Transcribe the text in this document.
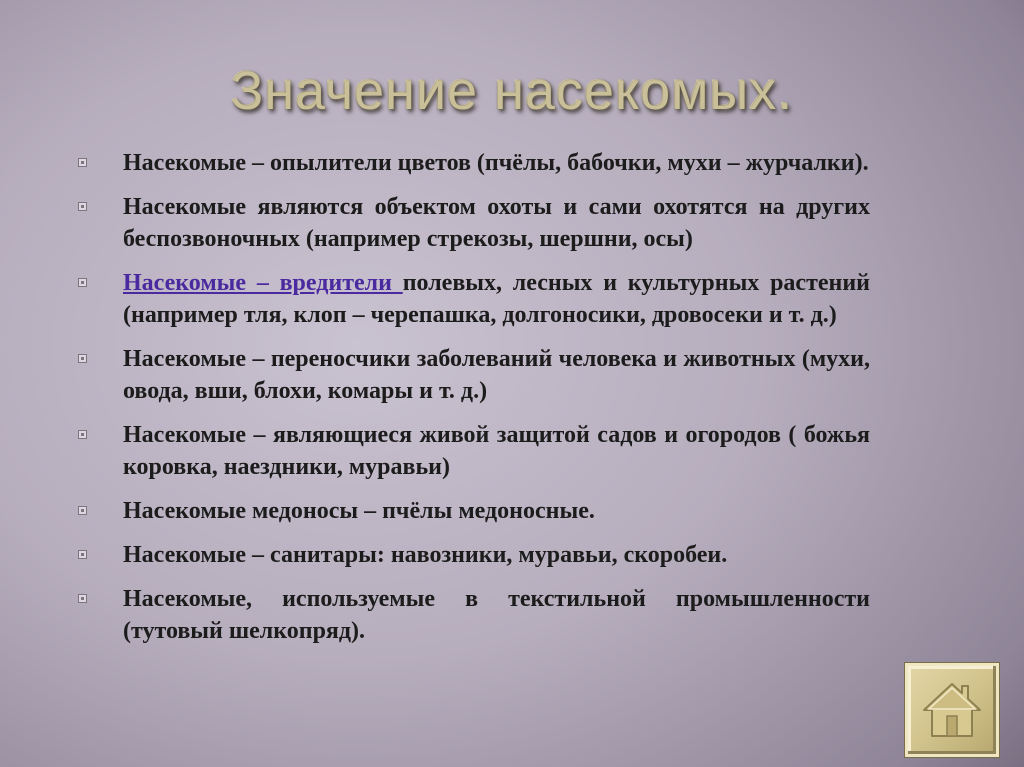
Значение насекомых.
Насекомые – опылители цветов (пчёлы, бабочки, мухи – журчалки).
Насекомые являются объектом охоты и сами охотятся на других беспозвоночных (например стрекозы, шершни, осы)
Насекомые – вредители полевых, лесных и культурных растений (например тля, клоп – черепашка, долгоносики, дровосеки и т. д.)
Насекомые – переносчики заболеваний человека и животных (мухи, овода, вши, блохи, комары и т. д.)
Насекомые – являющиеся живой защитой садов и огородов ( божья коровка, наездники, муравьи)
Насекомые медоносы – пчёлы медоносные.
Насекомые – санитары: навозники, муравьи, скоробеи.
Насекомые, используемые в текстильной промышленности (тутовый шелкопряд).
